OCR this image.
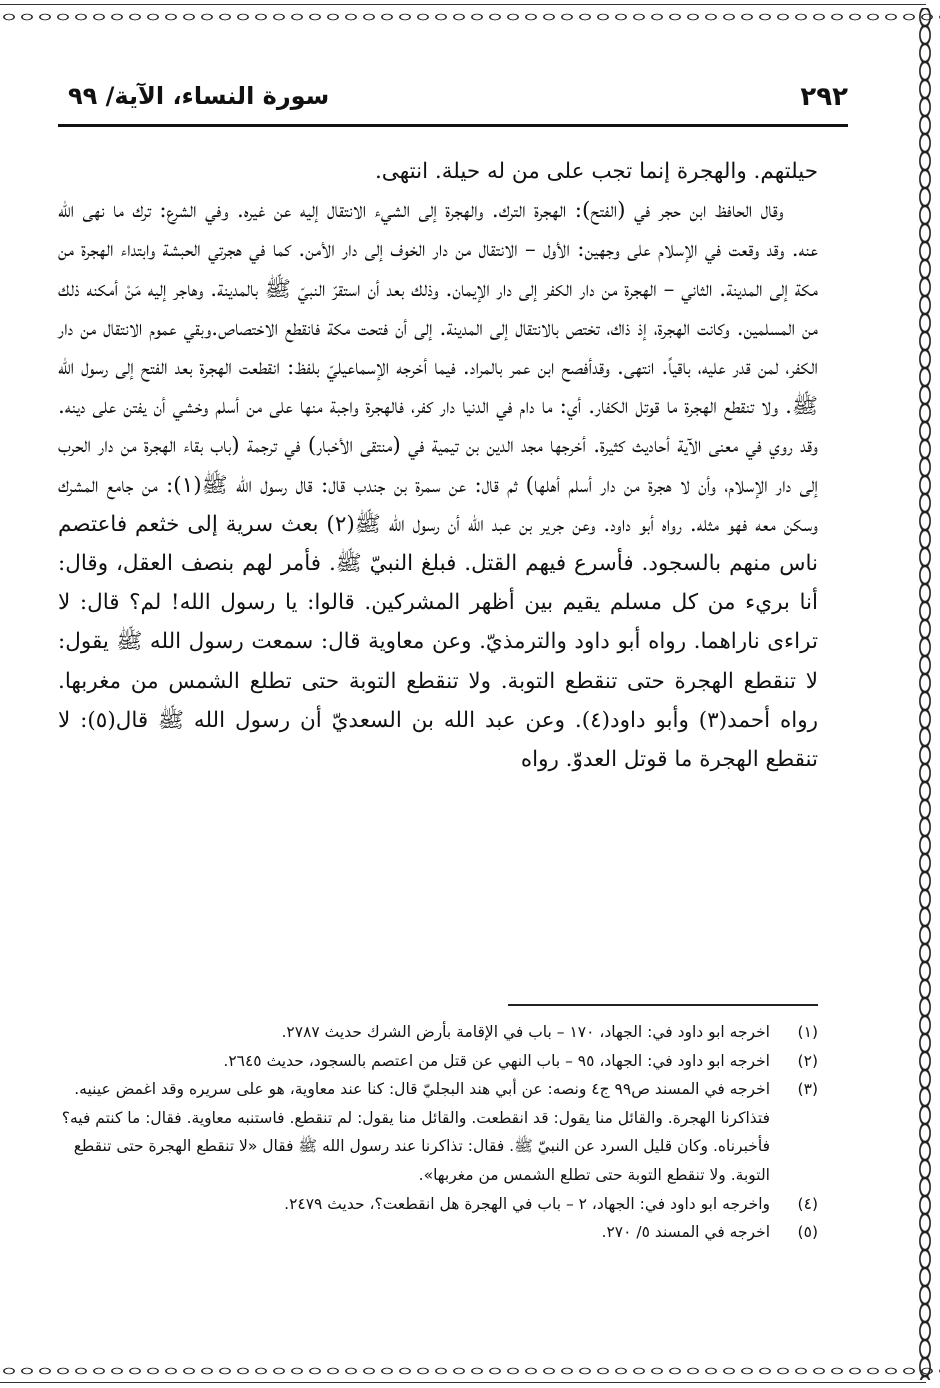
٢٩٢
سورة النساء، الآية/ ٩٩

حيلتهم. والهجرة إنما تجب على من له حيلة. انتهى.

وقال الحافظ ابن حجر في (الفتح): الهجرة الترك. والهجرة إلى الشيء الانتقال إليه عن غيره. وفي الشرع: ترك ما نهى الله عنه. وقد وقعت في الإسلام على وجهين: الأول – الانتقال من دار الخوف إلى دار الأمن. كما في هجرتي الحبشة وابتداء الهجرة من مكة إلى المدينة. الثاني – الهجرة من دار الكفر إلى دار الإيمان. وذلك بعد أن استقرّ النبيّ ﷺ بالمدينة. وهاجر إليه مَنْ أمكنه ذلك من المسلمين. وكانت الهجرة، إذ ذاك، تختص بالانتقال إلى المدينة. إلى أن فتحت مكة فانقطع الاختصاص.وبقي عموم الانتقال من دار الكفر، لمن قدر عليه، باقياً. انتهى. وقدأفصح ابن عمر بالمراد. فيما أخرجه الإسماعيليّ بلفظ: انقطعت الهجرة بعد الفتح إلى رسول الله ﷺ. ولا تنقطع الهجرة ما قوتل الكفار. أي: ما دام في الدنيا دار كفر، فالهجرة واجبة منها على من أسلم وخشي أن يفتن على دينه. وقد روي في معنى الآية أحاديث كثيرة. أخرجها مجد الدين بن تيمية في (منتقى الأخبار) في ترجمة (باب بقاء الهجرة من دار الحرب إلى دار الإسلام، وأن لا هجرة من دار أسلم أهلها) ثم قال: عن سمرة بن جندب قال: قال رسول الله ﷺ(١): من جامع المشرك وسكن معه فهو مثله. رواه أبو داود. وعن جرير بن عبد الله أن رسول الله ﷺ(٢) بعث سرية إلى خثعم فاعتصم ناس منهم بالسجود. فأسرع فيهم القتل. فبلغ النبيّ ﷺ. فأمر لهم بنصف العقل، وقال: أنا بريء من كل مسلم يقيم بين أظهر المشركين. قالوا: يا رسول الله! لم؟ قال: لا تراءى ناراهما. رواه أبو داود والترمذيّ. وعن معاوية قال: سمعت رسول الله ﷺ يقول: لا تنقطع الهجرة حتى تنقطع التوبة. ولا تنقطع التوبة حتى تطلع الشمس من مغربها. رواه أحمد(٣) وأبو داود(٤). وعن عبد الله بن السعديّ أن رسول الله ﷺ قال(٥): لا تنقطع الهجرة ما قوتل العدوّ. رواه

(١)
اخرجه ابو داود في: الجهاد، ١٧٠ – باب في الإقامة بأرض الشرك حديث ٢٧٨٧.
(٢)
اخرجه ابو داود في: الجهاد، ٩٥ – باب النهي عن قتل من اعتصم بالسجود، حديث ٢٦٤٥.
(٣)
اخرجه في المسند ص٩٩ ج٤ ونصه: عن أبي هند البجليّ قال: كنا عند معاوية، هو على سريره وقد اغمض عينيه. فتذاكرنا الهجرة. والقائل منا يقول: قد انقطعت. والقائل منا يقول: لم تنقطع. فاستنبه معاوية. فقال: ما كنتم فيه؟ فأخبرناه. وكان قليل السرد عن النبيّ ﷺ. فقال: تذاكرنا عند رسول الله ﷺ فقال «لا تنقطع الهجرة حتى تنقطع التوبة. ولا تنقطع التوبة حتى تطلع الشمس من مغربها».
(٤)
واخرجه ابو داود في: الجهاد، ٢ – باب في الهجرة هل انقطعت؟، حديث ٢٤٧٩.
(٥)
اخرجه في المسند ٥/ ٢٧٠.
